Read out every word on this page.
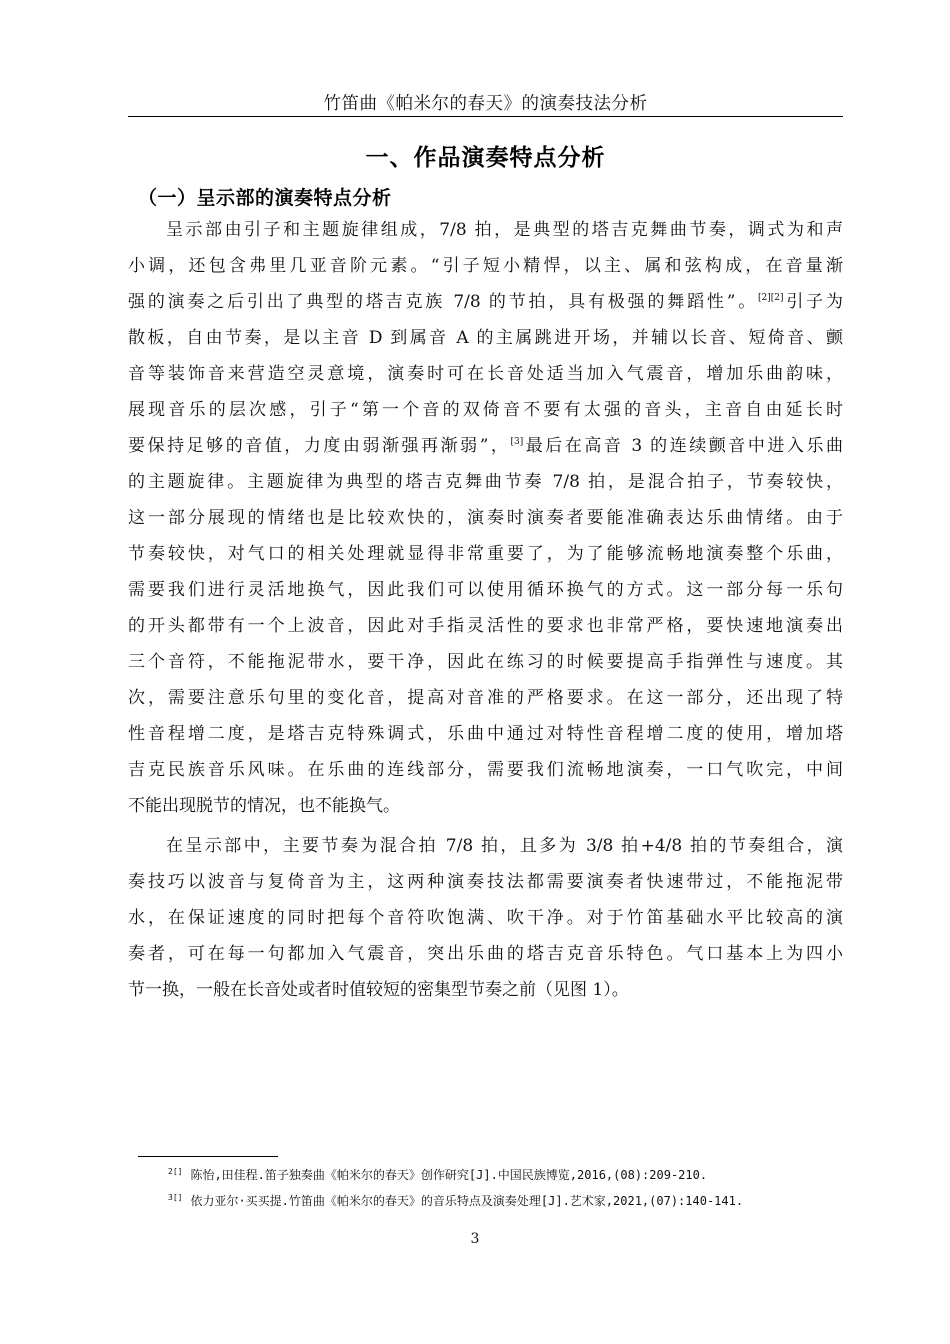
竹笛曲《帕米尔的春天》的演奏技法分析
一、作品演奏特点分析
（一）呈示部的演奏特点分析
呈示部由引子和主题旋律组成，7/8 拍，是典型的塔吉克舞曲节奏，调式为和声
小调，还包含弗里几亚音阶元素。“引子短小精悍，以主、属和弦构成，在音量渐
强的演奏之后引出了典型的塔吉克族 7/8 的节拍，具有极强的舞蹈性”。[2][2]引子为
散板，自由节奏，是以主音 D 到属音 A 的主属跳进开场，并辅以长音、短倚音、颤
音等装饰音来营造空灵意境，演奏时可在长音处适当加入气震音，增加乐曲韵味，
展现音乐的层次感，引子“第一个音的双倚音不要有太强的音头，主音自由延长时
要保持足够的音值，力度由弱渐强再渐弱”，[3]最后在高音 3 的连续颤音中进入乐曲
的主题旋律。主题旋律为典型的塔吉克舞曲节奏 7/8 拍，是混合拍子，节奏较快，
这一部分展现的情绪也是比较欢快的，演奏时演奏者要能准确表达乐曲情绪。由于
节奏较快，对气口的相关处理就显得非常重要了，为了能够流畅地演奏整个乐曲，
需要我们进行灵活地换气，因此我们可以使用循环换气的方式。这一部分每一乐句
的开头都带有一个上波音，因此对手指灵活性的要求也非常严格，要快速地演奏出
三个音符，不能拖泥带水，要干净，因此在练习的时候要提高手指弹性与速度。其
次，需要注意乐句里的变化音，提高对音准的严格要求。在这一部分，还出现了特
性音程增二度，是塔吉克特殊调式，乐曲中通过对特性音程增二度的使用，增加塔
吉克民族音乐风味。在乐曲的连线部分，需要我们流畅地演奏，一口气吹完，中间
不能出现脱节的情况，也不能换气。
在呈示部中，主要节奏为混合拍 7/8 拍，且多为 3/8 拍+4/8 拍的节奏组合，演
奏技巧以波音与复倚音为主，这两种演奏技法都需要演奏者快速带过，不能拖泥带
水，在保证速度的同时把每个音符吹饱满、吹干净。对于竹笛基础水平比较高的演
奏者，可在每一句都加入气震音，突出乐曲的塔吉克音乐特色。气口基本上为四小
节一换，一般在长音处或者时值较短的密集型节奏之前（见图 1）。
$^{2[]}$ 陈怡,田佳程.笛子独奏曲《帕米尔的春天》创作研究[J].中国民族博览,2016,(08):209-210.
$^{3[]}$ 依力亚尔·买买提.竹笛曲《帕米尔的春天》的音乐特点及演奏处理[J].艺术家,2021,(07):140-141.
3
